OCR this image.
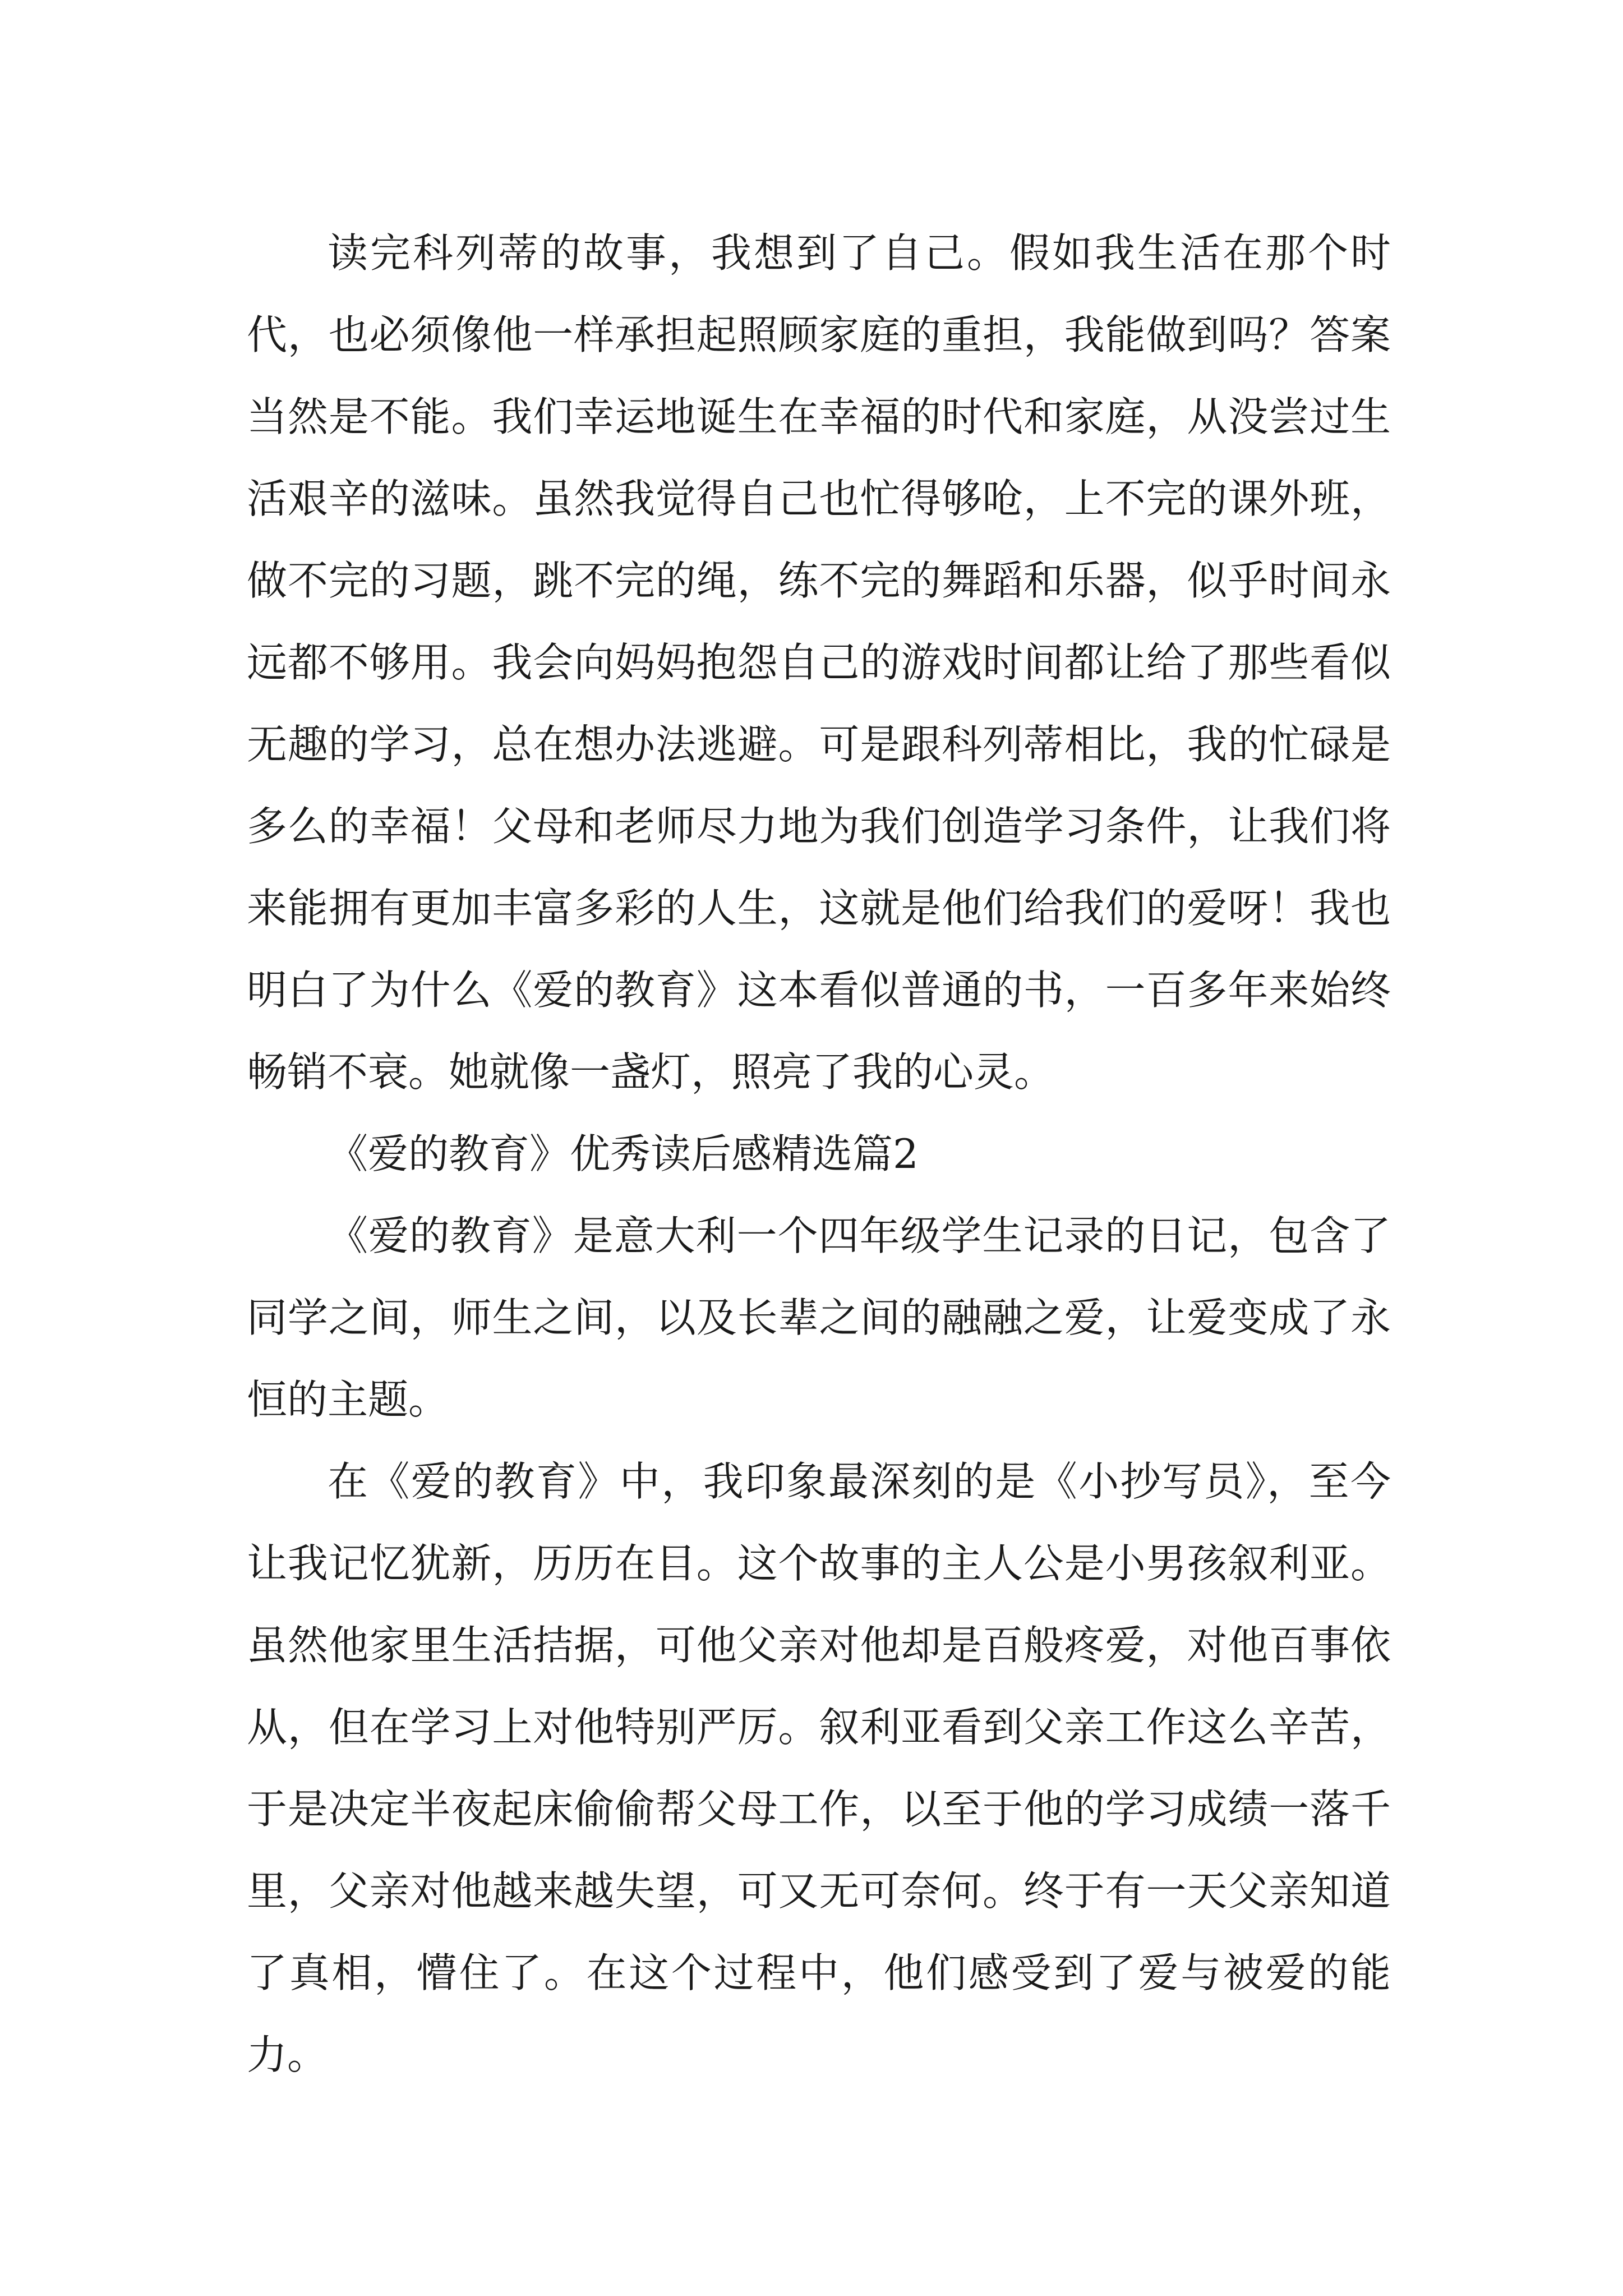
读完科列蒂的故事，我想到了自己。假如我生活在那个时代，也必须像他一样承担起照顾家庭的重担，我能做到吗？答案当然是不能。我们幸运地诞生在幸福的时代和家庭，从没尝过生活艰辛的滋味。虽然我觉得自己也忙得够呛，上不完的课外班，做不完的习题，跳不完的绳，练不完的舞蹈和乐器，似乎时间永远都不够用。我会向妈妈抱怨自己的游戏时间都让给了那些看似无趣的学习，总在想办法逃避。可是跟科列蒂相比，我的忙碌是多么的幸福！父母和老师尽力地为我们创造学习条件，让我们将来能拥有更加丰富多彩的人生，这就是他们给我们的爱呀！我也明白了为什么《爱的教育》这本看似普通的书，一百多年来始终畅销不衰。她就像一盏灯，照亮了我的心灵。

《爱的教育》优秀读后感精选篇2

《爱的教育》是意大利一个四年级学生记录的日记，包含了同学之间，师生之间，以及长辈之间的融融之爱，让爱变成了永恒的主题。

在《爱的教育》中，我印象最深刻的是《小抄写员》，至今让我记忆犹新，历历在目。这个故事的主人公是小男孩叙利亚。虽然他家里生活拮据，可他父亲对他却是百般疼爱，对他百事依从，但在学习上对他特别严厉。叙利亚看到父亲工作这么辛苦，于是决定半夜起床偷偷帮父母工作，以至于他的学习成绩一落千里，父亲对他越来越失望，可又无可奈何。终于有一天父亲知道了真相，懵住了。在这个过程中，他们感受到了爱与被爱的能力。
